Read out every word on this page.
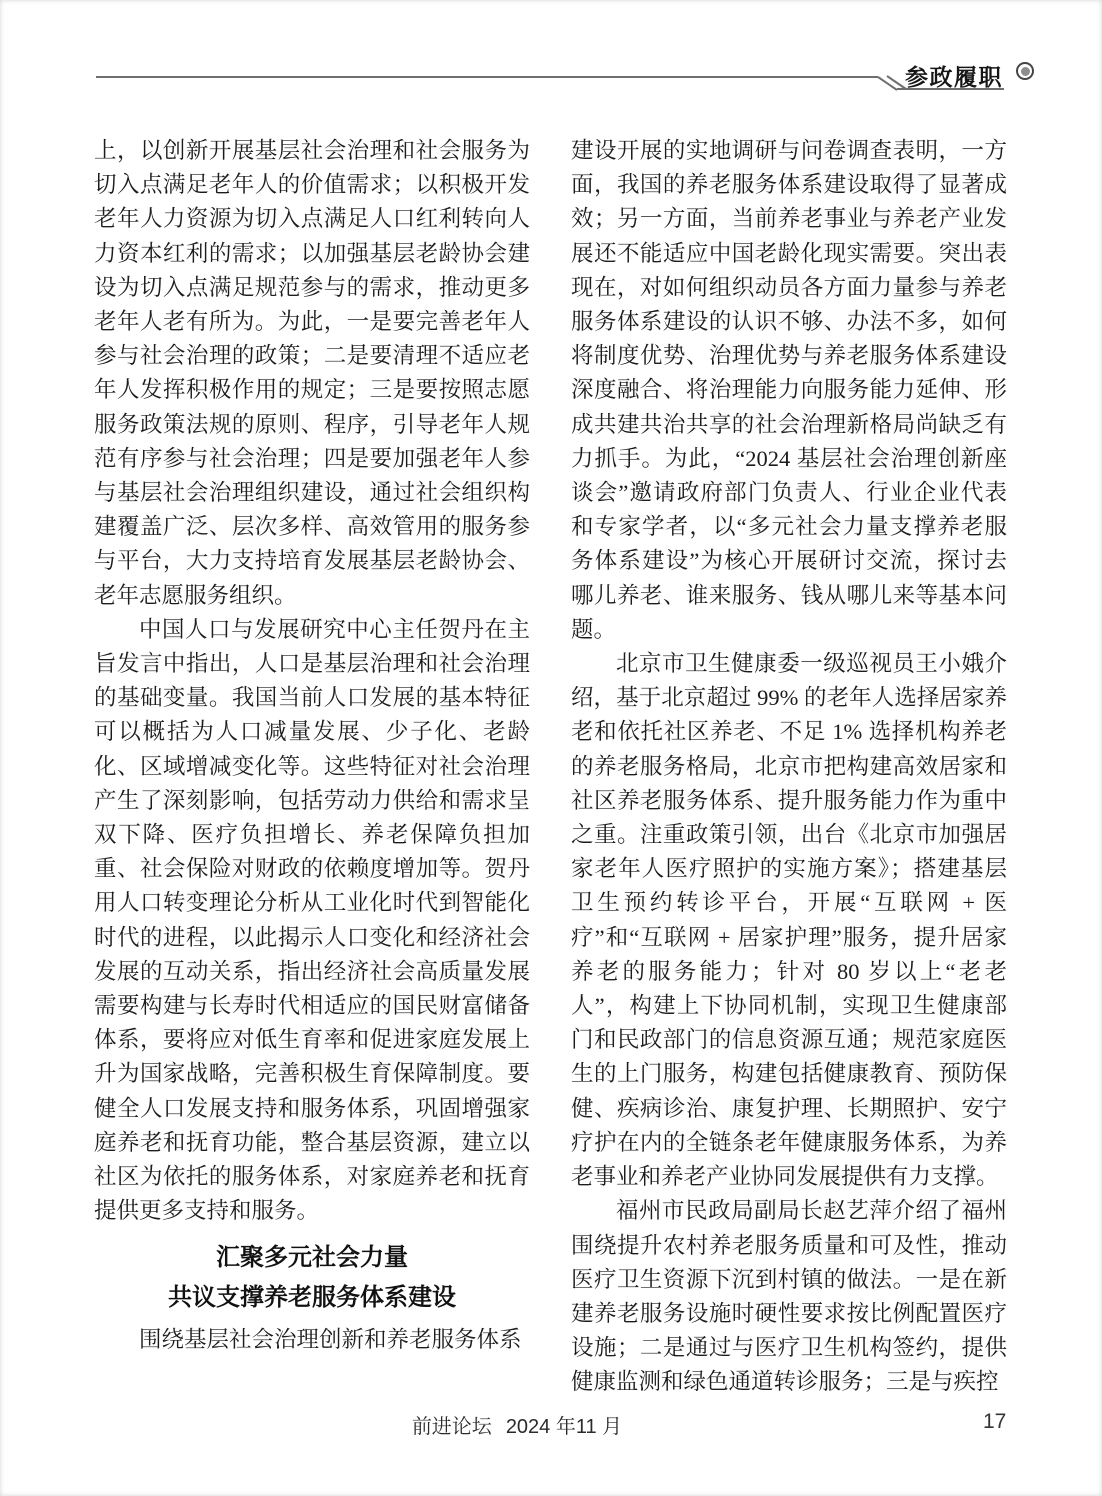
参政履职

上，以创新开展基层社会治理和社会服务为切入点满足老年人的价值需求；以积极开发老年人力资源为切入点满足人口红利转向人力资本红利的需求；以加强基层老龄协会建设为切入点满足规范参与的需求，推动更多老年人老有所为。为此，一是要完善老年人参与社会治理的政策；二是要清理不适应老年人发挥积极作用的规定；三是要按照志愿服务政策法规的原则、程序，引导老年人规范有序参与社会治理；四是要加强老年人参与基层社会治理组织建设，通过社会组织构建覆盖广泛、层次多样、高效管用的服务参与平台，大力支持培育发展基层老龄协会、老年志愿服务组织。

中国人口与发展研究中心主任贺丹在主旨发言中指出，人口是基层治理和社会治理的基础变量。我国当前人口发展的基本特征可以概括为人口减量发展、少子化、老龄化、区域增减变化等。这些特征对社会治理产生了深刻影响，包括劳动力供给和需求呈双下降、医疗负担增长、养老保障负担加重、社会保险对财政的依赖度增加等。贺丹用人口转变理论分析从工业化时代到智能化时代的进程，以此揭示人口变化和经济社会发展的互动关系，指出经济社会高质量发展需要构建与长寿时代相适应的国民财富储备体系，要将应对低生育率和促进家庭发展上升为国家战略，完善积极生育保障制度。要健全人口发展支持和服务体系，巩固增强家庭养老和抚育功能，整合基层资源，建立以社区为依托的服务体系，对家庭养老和抚育提供更多支持和服务。

汇聚多元社会力量
共议支撑养老服务体系建设

围绕基层社会治理创新和养老服务体系

建设开展的实地调研与问卷调查表明，一方面，我国的养老服务体系建设取得了显著成效；另一方面，当前养老事业与养老产业发展还不能适应中国老龄化现实需要。突出表现在，对如何组织动员各方面力量参与养老服务体系建设的认识不够、办法不多，如何将制度优势、治理优势与养老服务体系建设深度融合、将治理能力向服务能力延伸、形成共建共治共享的社会治理新格局尚缺乏有力抓手。为此，“2024 基层社会治理创新座谈会”邀请政府部门负责人、行业企业代表和专家学者，以“多元社会力量支撑养老服务体系建设”为核心开展研讨交流，探讨去哪儿养老、谁来服务、钱从哪儿来等基本问题。

北京市卫生健康委一级巡视员王小娥介绍，基于北京超过 99% 的老年人选择居家养老和依托社区养老、不足 1% 选择机构养老的养老服务格局，北京市把构建高效居家和社区养老服务体系、提升服务能力作为重中之重。注重政策引领，出台《北京市加强居家老年人医疗照护的实施方案》；搭建基层卫生预约转诊平台，开展“互联网 + 医疗”和“互联网 + 居家护理”服务，提升居家养老的服务能力；针对 80 岁以上“老老人”，构建上下协同机制，实现卫生健康部门和民政部门的信息资源互通；规范家庭医生的上门服务，构建包括健康教育、预防保健、疾病诊治、康复护理、长期照护、安宁疗护在内的全链条老年健康服务体系，为养老事业和养老产业协同发展提供有力支撑。

福州市民政局副局长赵艺萍介绍了福州围绕提升农村养老服务质量和可及性，推动医疗卫生资源下沉到村镇的做法。一是在新建养老服务设施时硬性要求按比例配置医疗设施；二是通过与医疗卫生机构签约，提供健康监测和绿色通道转诊服务；三是与疾控

前进论坛 2024 年11 月	17
